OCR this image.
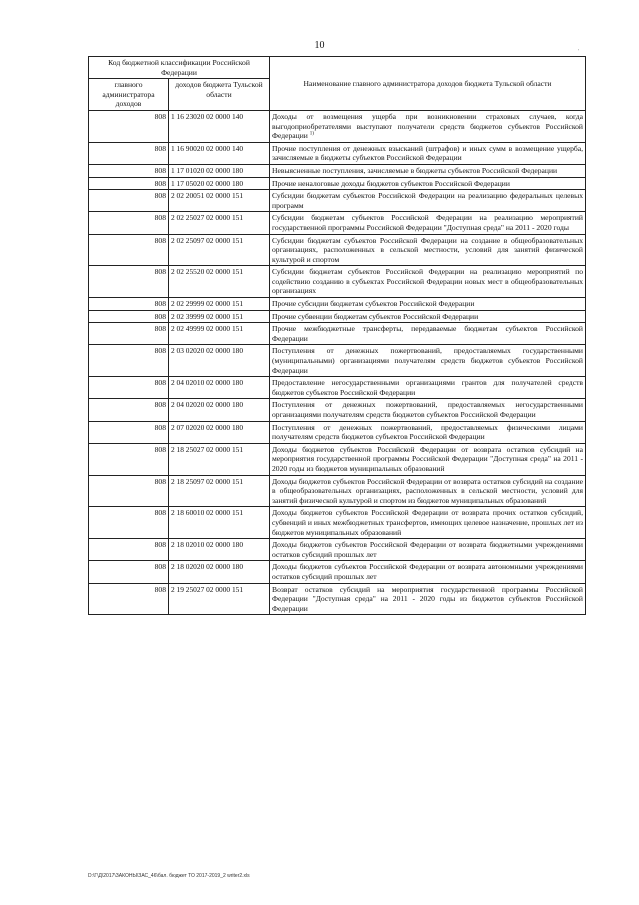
10
'
Код бюджетной классификации Российской Федерации		Наименование главного администратора доходов бюджета Тульской области
главного администратора доходов	доходов бюджета Тульской области	
808	1 16 23020 02 0000 140	Доходы от возмещения ущерба при возникновении страховых случаев, когда выгодоприобретателями выступают получатели средств бюджетов субъектов Российской Федерации $^{1)}$
808	1 16 90020 02 0000 140	Прочие поступления от денежных взысканий (штрафов) и иных сумм в возмещение ущерба, зачисляемые в бюджеты субъектов Российской Федерации
808	1 17 01020 02 0000 180	Невыясненные поступления, зачисляемые в бюджеты субъектов Российской Федерации
808	1 17 05020 02 0000 180	Прочие неналоговые доходы бюджетов субъектов Российской Федерации
808	2 02 20051 02 0000 151	Субсидии бюджетам субъектов Российской Федерации на реализацию федеральных целевых программ
808	2 02 25027 02 0000 151	Субсидии бюджетам субъектов Российской Федерации на реализацию мероприятий государственной программы Российской Федерации "Доступная среда" на 2011 - 2020 годы
808	2 02 25097 02 0000 151	Субсидии бюджетам субъектов Российской Федерации на создание в общеобразовательных организациях, расположенных в сельской местности, условий для занятий физической культурой и спортом
808	2 02 25520 02 0000 151	Субсидии бюджетам субъектов Российской Федерации на реализацию мероприятий по содействию созданию в субъектах Российской Федерации новых мест в общеобразовательных организациях
808	2 02 29999 02 0000 151	Прочие субсидии бюджетам субъектов Российской Федерации
808	2 02 39999 02 0000 151	Прочие субвенции бюджетам субъектов Российской Федерации
808	2 02 49999 02 0000 151	Прочие межбюджетные трансферты, передаваемые бюджетам субъектов Российской Федерации
808	2 03 02020 02 0000 180	Поступления от денежных пожертвований, предоставляемых государственными (муниципальными) организациями получателям средств бюджетов субъектов Российской Федерации
808	2 04 02010 02 0000 180	Предоставление негосударственными организациями грантов для получателей средств бюджетов субъектов Российской Федерации
808	2 04 02020 02 0000 180	Поступления от денежных пожертвований, предоставляемых негосударственными организациями получателям средств бюджетов субъектов Российской Федерации
808	2 07 02020 02 0000 180	Поступления от денежных пожертвований, предоставляемых физическими лицами получателям средств бюджетов субъектов Российской Федерации
808	2 18 25027 02 0000 151	Доходы бюджетов субъектов Российской Федерации от возврата остатков субсидий на мероприятия государственной программы Российской Федерации "Доступная среда" на 2011 - 2020 годы из бюджетов муниципальных образований
808	2 18 25097 02 0000 151	Доходы бюджетов субъектов Российской Федерации от возврата остатков субсидий на создание в общеобразовательных организациях, расположенных в сельской местности, условий для занятий физической культурой и спортом из бюджетов муниципальных образований
808	2 18 60010 02 0000 151	Доходы бюджетов субъектов Российской Федерации от возврата прочих остатков субсидий, субвенций и иных межбюджетных трансфертов, имеющих целевое назначение, прошлых лет из бюджетов муниципальных образований
808	2 18 02010 02 0000 180	Доходы бюджетов субъектов Российской Федерации от возврата бюджетными учреждениями остатков субсидий прошлых лет
808	2 18 02020 02 0000 180	Доходы бюджетов субъектов Российской Федерации от возврата автономными учреждениями остатков субсидий прошлых лет
808	2 19 25027 02 0000 151	Возврат остатков субсидий на мероприятия государственной программы Российской Федерации "Доступная среда" на 2011 - 2020 годы из бюджетов субъектов Российской Федерации
D:\Г\Д\2017\ЗАКОНЫ\ЗАС_46\бал. бюджет ТО 2017-2019_2 writer2.xls
